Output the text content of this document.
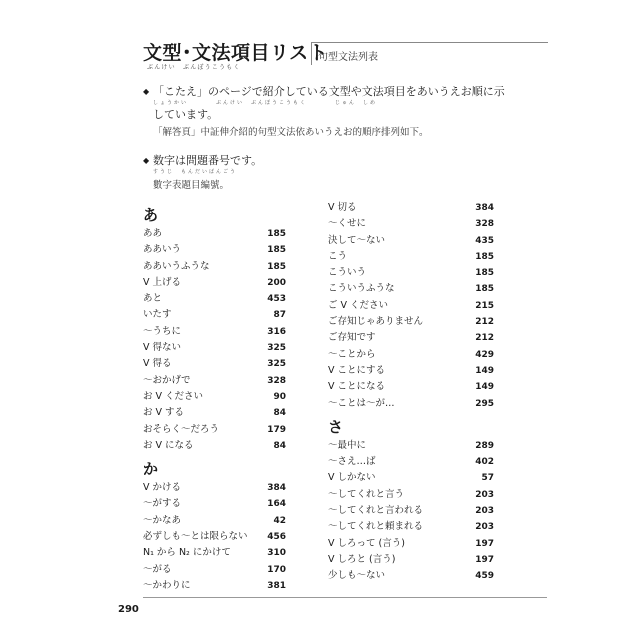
文型･文法項目リスト
ぶんけい　ぶんぽうこうもく
句型文法列表
◆ 「こたえ」のページで紹介している文型や文法項目をあいうえお順に示
しょうかい　　　　ぶんけい　ぶんぽうこうもく　　　　じゅん　しめ
しています。
「解答頁」中証伸介紹的句型文法依あいうえお的順序排列如下。
◆ 数字は問題番号です。
すうじ　もんだいばんごう
數字表題目編號。
あ
ああ	185
ああいう	185
ああいうふうな	185
V 上げる	200
あと	453
いたす	87
〜うちに	316
V 得ない	325
V 得る	325
〜おかげで	328
お V ください	90
お V する	84
おそらく〜だろう	179
お V になる	84
か
V かける	384
〜がする	164
〜かなあ	42
必ずしも〜とは限らない 456
N₁ から N₂ にかけて	310
〜がる	170
〜かわりに	381
V 切る	384
〜くせに	328
決して〜ない	435
こう	185
こういう	185
こういうふうな	185
ご V ください	215
ご存知じゃありません	212
ご存知です	212
〜ことから	429
V ことにする	149
V ことになる	149
〜ことは〜が…	295
さ
〜最中に	289
〜さえ…ば	402
V しかない	57
〜してくれと言う	203
〜してくれと言われる	203
〜してくれと頼まれる	203
V しろって (言う)	197
V しろと (言う)	197
少しも〜ない	459
290
